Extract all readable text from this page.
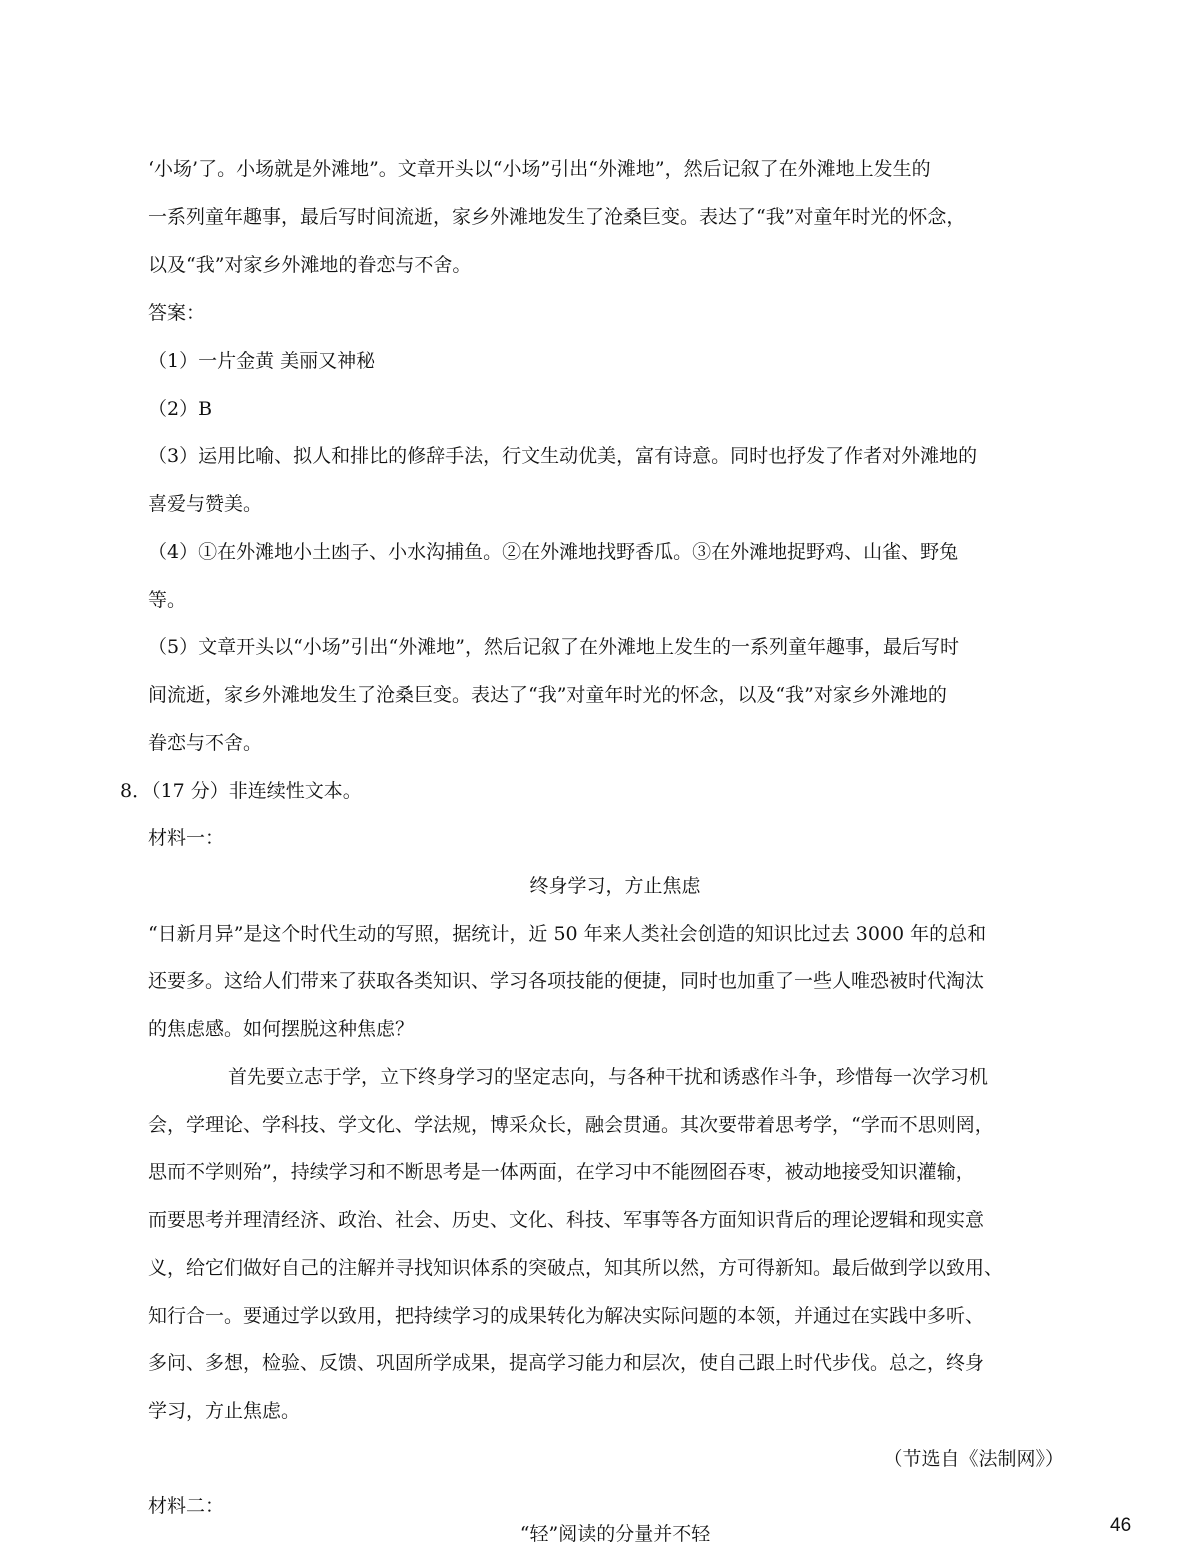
‘小场’了。小场就是外滩地”。文章开头以“小场”引出“外滩地”，然后记叙了在外滩地上发生的
一系列童年趣事，最后写时间流逝，家乡外滩地发生了沧桑巨变。表达了“我”对童年时光的怀念，
以及“我”对家乡外滩地的眷恋与不舍。
答案：
（1）一片金黄 美丽又神秘
（2）B
（3）运用比喻、拟人和排比的修辞手法，行文生动优美，富有诗意。同时也抒发了作者对外滩地的
喜爱与赞美。
（4）①在外滩地小土凼子、小水沟捕鱼。②在外滩地找野香瓜。③在外滩地捉野鸡、山雀、野兔
等。
（5）文章开头以“小场”引出“外滩地”，然后记叙了在外滩地上发生的一系列童年趣事，最后写时
间流逝，家乡外滩地发生了沧桑巨变。表达了“我”对童年时光的怀念，以及“我”对家乡外滩地的
眷恋与不舍。
8．（17 分）非连续性文本。
材料一：
终身学习，方止焦虑
“日新月异”是这个时代生动的写照，据统计，近 50 年来人类社会创造的知识比过去 3000 年的总和
还要多。这给人们带来了获取各类知识、学习各项技能的便捷，同时也加重了一些人唯恐被时代淘汰
的焦虑感。如何摆脱这种焦虑？
首先要立志于学，立下终身学习的坚定志向，与各种干扰和诱惑作斗争，珍惜每一次学习机
会，学理论、学科技、学文化、学法规，博采众长，融会贯通。其次要带着思考学，“学而不思则罔，
思而不学则殆”，持续学习和不断思考是一体两面，在学习中不能囫囵吞枣，被动地接受知识灌输，
而要思考并理清经济、政治、社会、历史、文化、科技、军事等各方面知识背后的理论逻辑和现实意
义，给它们做好自己的注解并寻找知识体系的突破点，知其所以然，方可得新知。最后做到学以致用、
知行合一。要通过学以致用，把持续学习的成果转化为解决实际问题的本领，并通过在实践中多听、
多问、多想，检验、反馈、巩固所学成果，提高学习能力和层次，使自己跟上时代步伐。总之，终身
学习，方止焦虑。
（节选自《法制网》）
材料二：
46
“轻”阅读的分量并不轻
